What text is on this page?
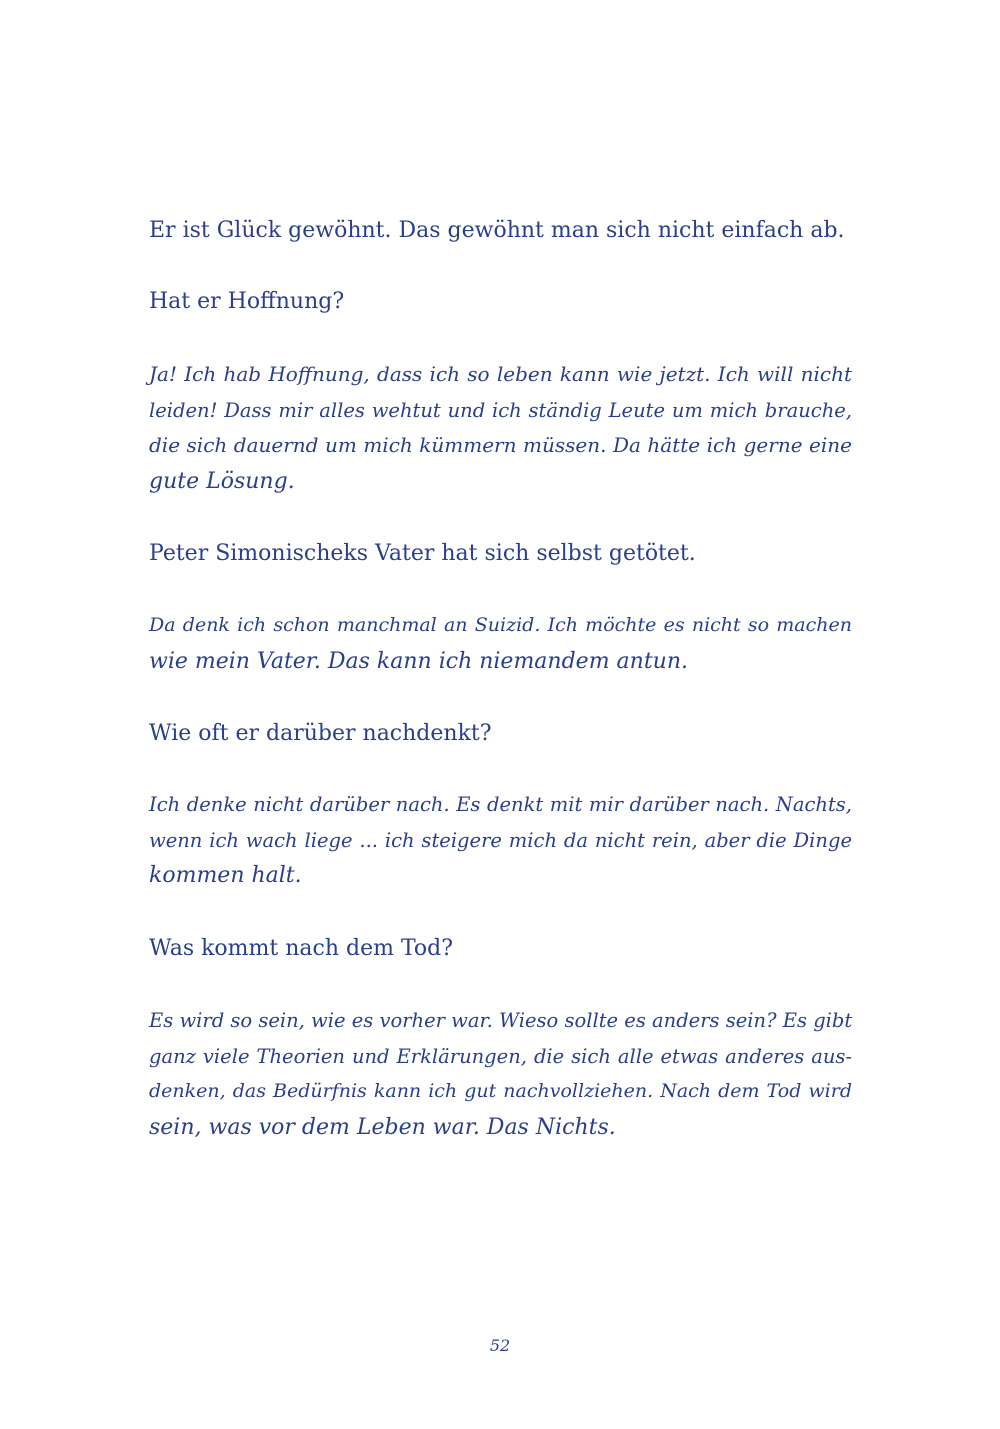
Er ist Glück gewöhnt. Das gewöhnt man sich nicht einfach ab.

Hat er Hoffnung?

Ja! Ich hab Hoffnung, dass ich so leben kann wie jetzt. Ich will nicht
leiden! Dass mir alles wehtut und ich ständig Leute um mich brauche,
die sich dauernd um mich kümmern müssen. Da hätte ich gerne eine
gute Lösung.

Peter Simonischeks Vater hat sich selbst getötet.

Da denk ich schon manchmal an Suizid. Ich möchte es nicht so machen
wie mein Vater. Das kann ich niemandem antun.

Wie oft er darüber nachdenkt?

Ich denke nicht darüber nach. Es denkt mit mir darüber nach. Nachts,
wenn ich wach liege ... ich steigere mich da nicht rein, aber die Dinge
kommen halt.

Was kommt nach dem Tod?

Es wird so sein, wie es vorher war. Wieso sollte es anders sein? Es gibt
ganz viele Theorien und Erklärungen, die sich alle etwas anderes aus-
denken, das Bedürfnis kann ich gut nachvollziehen. Nach dem Tod wird
sein, was vor dem Leben war. Das Nichts.

52
